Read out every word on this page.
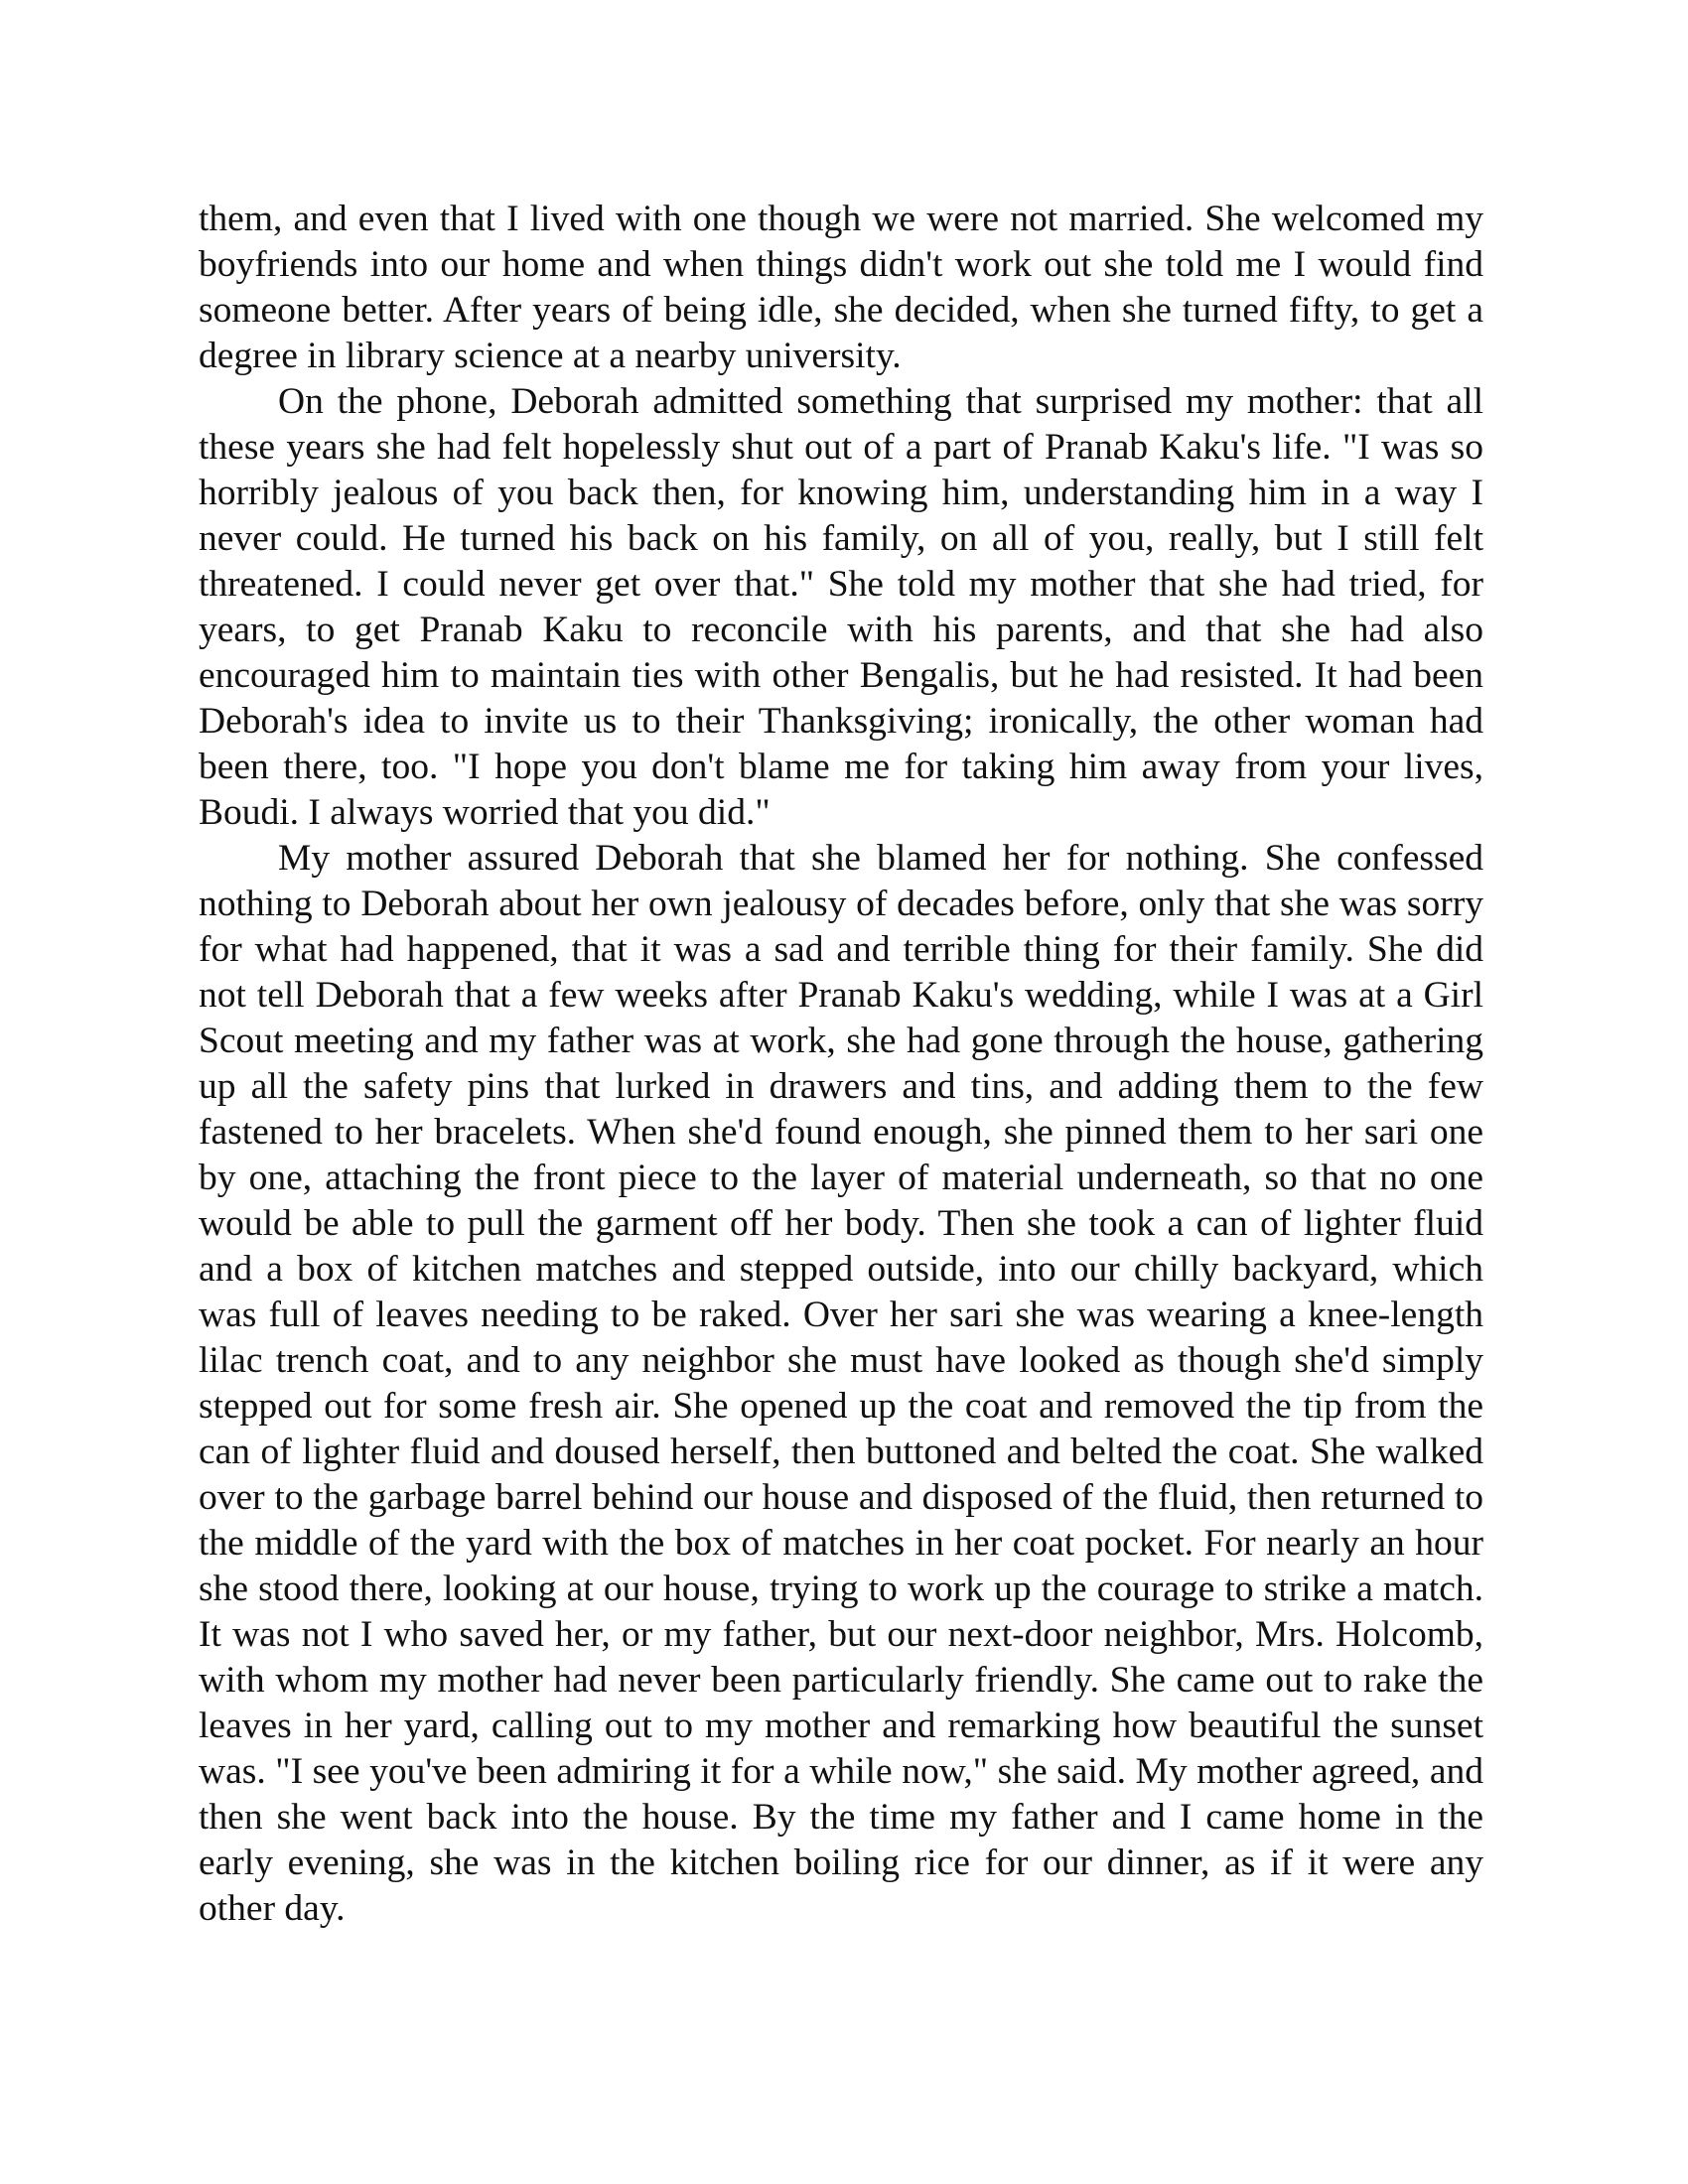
them, and even that I lived with one though we were not married. She welcomed my boyfriends into our home and when things didn't work out she told me I would find someone better. After years of being idle, she decided, when she turned fifty, to get a degree in library science at a nearby university.

On the phone, Deborah admitted something that surprised my mother: that all these years she had felt hopelessly shut out of a part of Pranab Kaku's life. "I was so horribly jealous of you back then, for knowing him, understanding him in a way I never could. He turned his back on his family, on all of you, really, but I still felt threatened. I could never get over that." She told my mother that she had tried, for years, to get Pranab Kaku to reconcile with his parents, and that she had also encouraged him to maintain ties with other Bengalis, but he had resisted. It had been Deborah's idea to invite us to their Thanksgiving; ironically, the other woman had been there, too. "I hope you don't blame me for taking him away from your lives, Boudi. I always worried that you did."

My mother assured Deborah that she blamed her for nothing. She confessed nothing to Deborah about her own jealousy of decades before, only that she was sorry for what had happened, that it was a sad and terrible thing for their family. She did not tell Deborah that a few weeks after Pranab Kaku's wedding, while I was at a Girl Scout meeting and my father was at work, she had gone through the house, gathering up all the safety pins that lurked in drawers and tins, and adding them to the few fastened to her bracelets. When she'd found enough, she pinned them to her sari one by one, attaching the front piece to the layer of material underneath, so that no one would be able to pull the garment off her body. Then she took a can of lighter fluid and a box of kitchen matches and stepped outside, into our chilly backyard, which was full of leaves needing to be raked. Over her sari she was wearing a knee-length lilac trench coat, and to any neighbor she must have looked as though she'd simply stepped out for some fresh air. She opened up the coat and removed the tip from the can of lighter fluid and doused herself, then buttoned and belted the coat. She walked over to the garbage barrel behind our house and disposed of the fluid, then returned to the middle of the yard with the box of matches in her coat pocket. For nearly an hour she stood there, looking at our house, trying to work up the courage to strike a match. It was not I who saved her, or my father, but our next-door neighbor, Mrs. Holcomb, with whom my mother had never been particularly friendly. She came out to rake the leaves in her yard, calling out to my mother and remarking how beautiful the sunset was. "I see you've been admiring it for a while now," she said. My mother agreed, and then she went back into the house. By the time my father and I came home in the early evening, she was in the kitchen boiling rice for our dinner, as if it were any other day.
